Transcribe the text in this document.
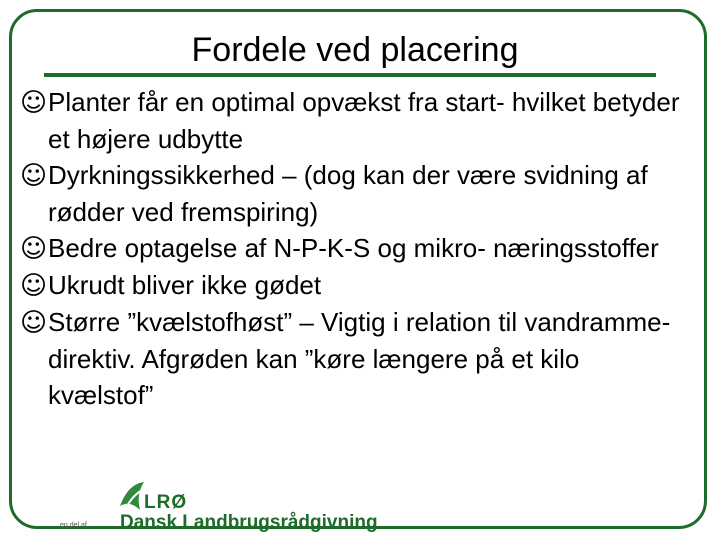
Fordele ved placering
☺Planter får en optimal opvækst fra start- hvilket betyder et højere udbytte
☺Dyrkningssikkerhed – (dog kan der være svidning af rødder ved fremspiring)
☺Bedre optagelse af N-P-K-S og mikro- næringsstoffer
☺Ukrudt bliver ikke gødet
☺Større ”kvælstofhøst” – Vigtig i relation til vandramme-direktiv. Afgrøden kan ”køre længere på et kilo kvælstof”
en del af
LRØ
Dansk Landbrugsrådgivning
